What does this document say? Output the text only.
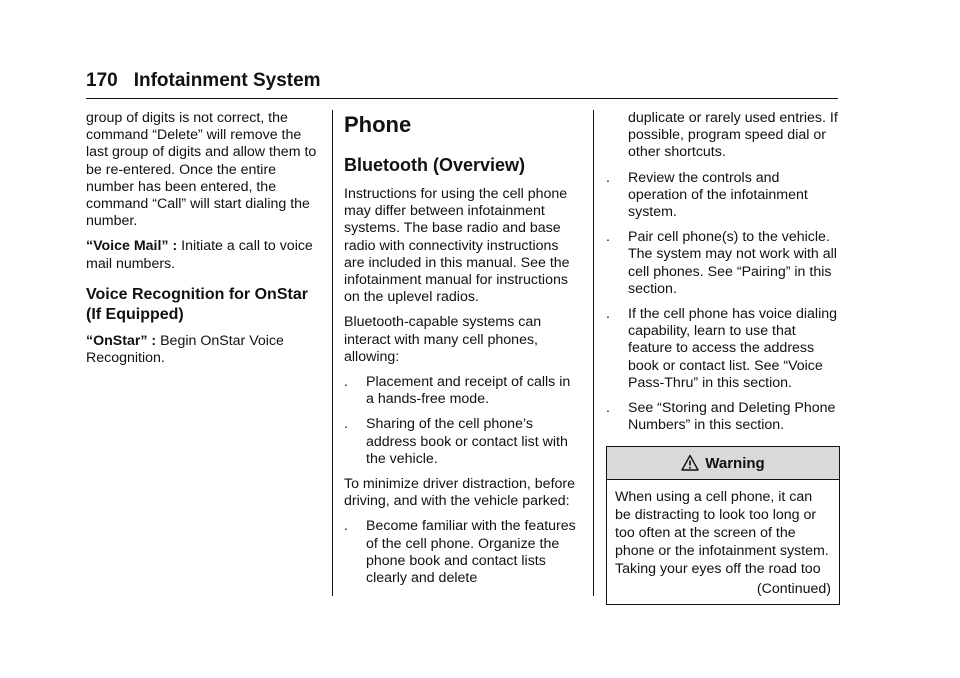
170 Infotainment System

group of digits is not correct, the command “Delete” will remove the last group of digits and allow them to be re-entered. Once the entire number has been entered, the command “Call” will start dialing the number.

“Voice Mail” : Initiate a call to voice mail numbers.

Voice Recognition for OnStar (If Equipped)

“OnStar” : Begin OnStar Voice Recognition.

Phone
Bluetooth (Overview)

Instructions for using the cell phone may differ between infotainment systems. The base radio and base radio with connectivity instructions are included in this manual. See the infotainment manual for instructions on the uplevel radios.

Bluetooth-capable systems can interact with many cell phones, allowing:

.	Placement and receipt of calls in a hands-free mode.
.	Sharing of the cell phone’s address book or contact list with the vehicle.

To minimize driver distraction, before driving, and with the vehicle parked:

.	Become familiar with the features of the cell phone. Organize the phone book and contact lists clearly and delete
duplicate or rarely used entries. If possible, program speed dial or other shortcuts.
.	Review the controls and operation of the infotainment system.
.	Pair cell phone(s) to the vehicle. The system may not work with all cell phones. See “Pairing” in this section.
.	If the cell phone has voice dialing capability, learn to use that feature to access the address book or contact list. See “Voice Pass-Thru” in this section.
.	See “Storing and Deleting Phone Numbers” in this section.
Warning
When using a cell phone, it can be distracting to look too long or too often at the screen of the phone or the infotainment system. Taking your eyes off the road too
(Continued)
